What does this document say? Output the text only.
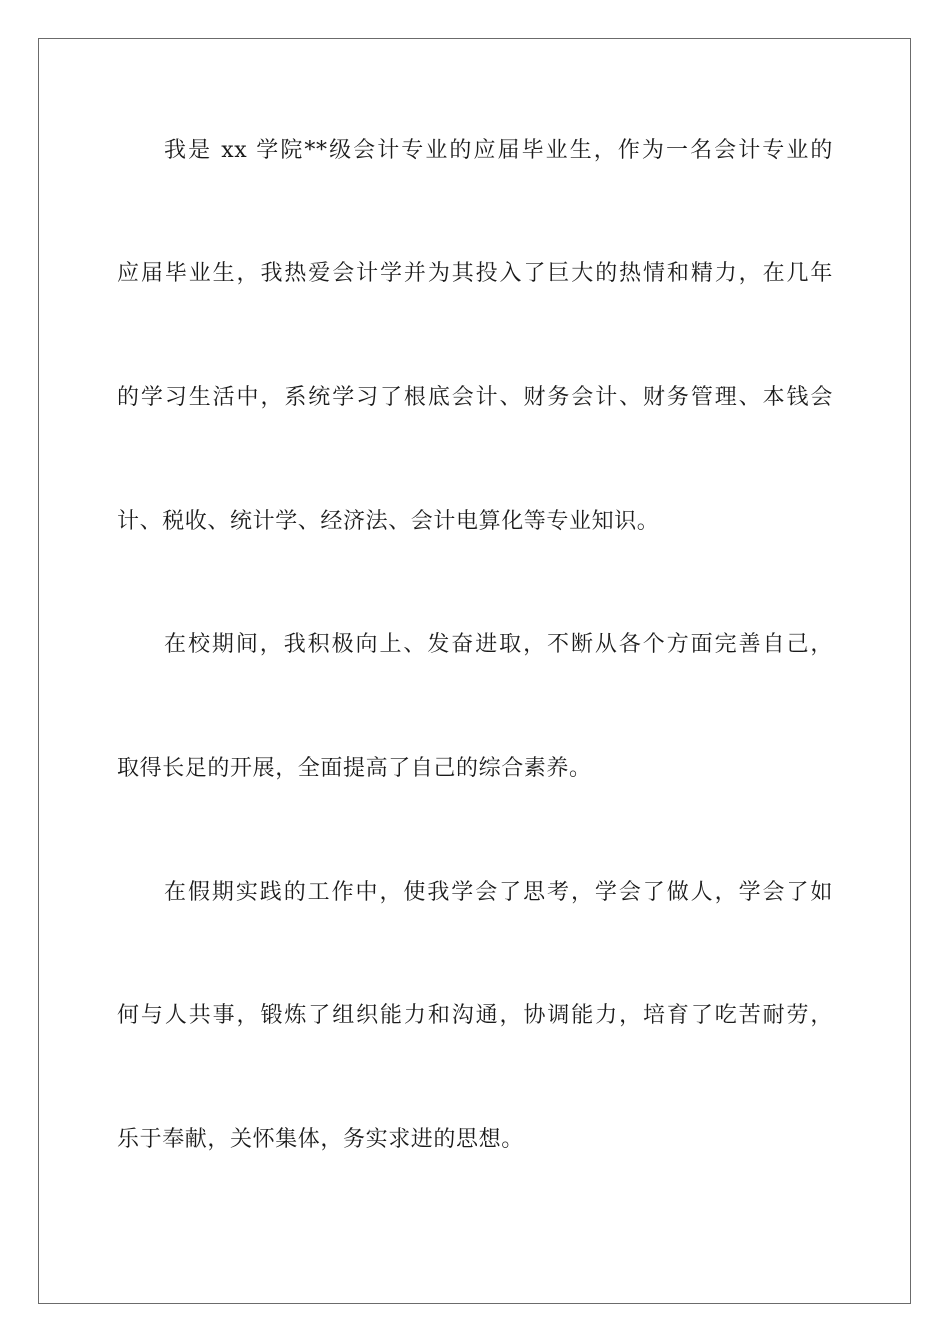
我是 xx 学院**级会计专业的应届毕业生，作为一名会计专业的
应届毕业生，我热爱会计学并为其投入了巨大的热情和精力，在几年
的学习生活中，系统学习了根底会计、财务会计、财务管理、本钱会
计、税收、统计学、经济法、会计电算化等专业知识。
在校期间，我积极向上、发奋进取，不断从各个方面完善自己，
取得长足的开展，全面提高了自己的综合素养。
在假期实践的工作中，使我学会了思考，学会了做人，学会了如
何与人共事，锻炼了组织能力和沟通，协调能力，培育了吃苦耐劳，
乐于奉献，关怀集体，务实求进的思想。
